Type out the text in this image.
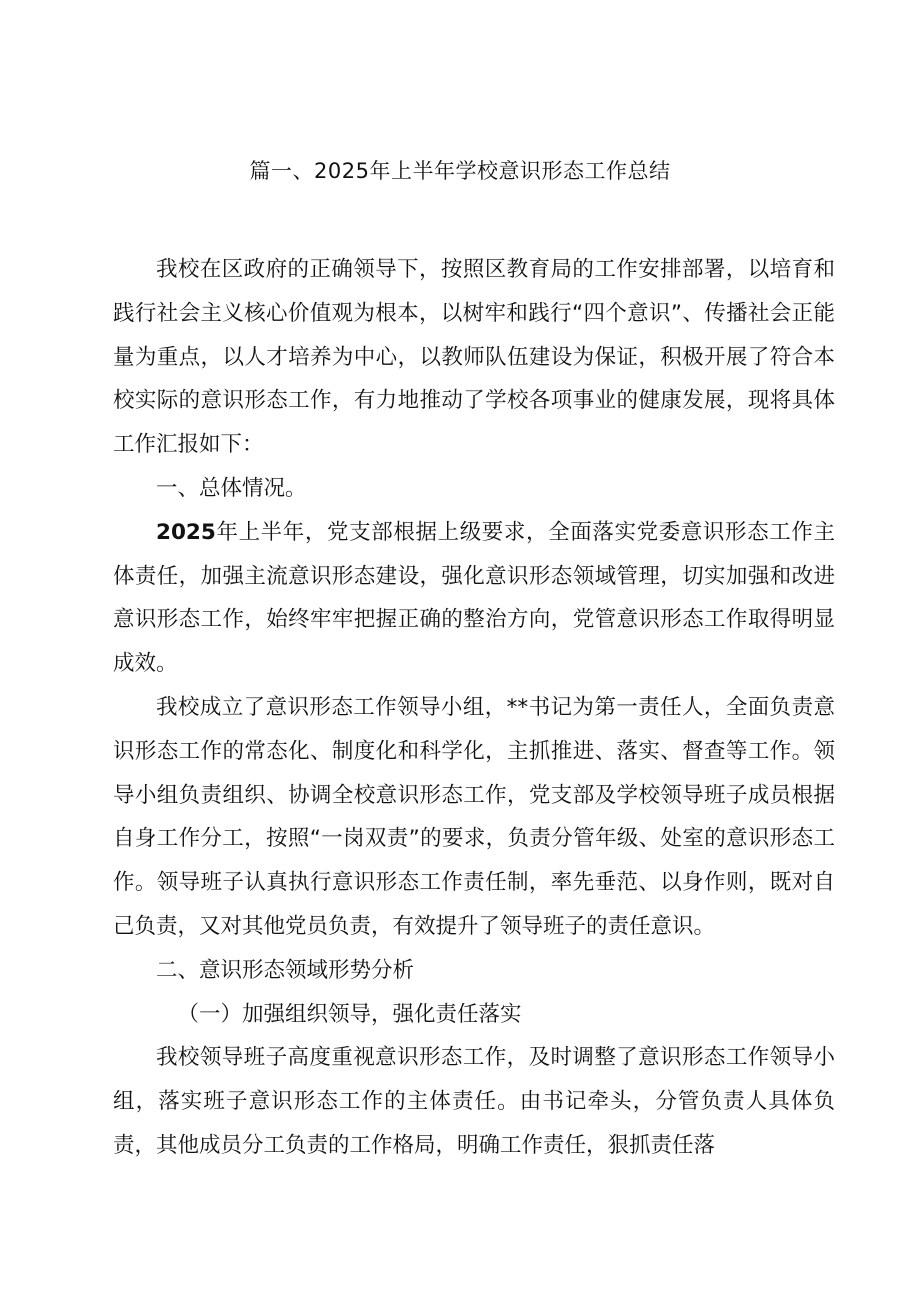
篇一、2025年上半年学校意识形态工作总结

我校在区政府的正确领导下，按照区教育局的工作安排部署，以培育和践行社会主义核心价值观为根本，以树牢和践行“四个意识”、传播社会正能量为重点，以人才培养为中心，以教师队伍建设为保证，积极开展了符合本校实际的意识形态工作，有力地推动了学校各项事业的健康发展，现将具体工作汇报如下：

一、总体情况。

2025年上半年，党支部根据上级要求，全面落实党委意识形态工作主体责任，加强主流意识形态建设，强化意识形态领域管理，切实加强和改进意识形态工作，始终牢牢把握正确的整治方向，党管意识形态工作取得明显成效。

我校成立了意识形态工作领导小组，**书记为第一责任人，全面负责意识形态工作的常态化、制度化和科学化，主抓推进、落实、督查等工作。领导小组负责组织、协调全校意识形态工作，党支部及学校领导班子成员根据自身工作分工，按照“一岗双责”的要求，负责分管年级、处室的意识形态工作。领导班子认真执行意识形态工作责任制，率先垂范、以身作则，既对自己负责，又对其他党员负责，有效提升了领导班子的责任意识。

二、意识形态领域形势分析

（一）加强组织领导，强化责任落实

我校领导班子高度重视意识形态工作，及时调整了意识形态工作领导小组，落实班子意识形态工作的主体责任。由书记牵头，分管负责人具体负责，其他成员分工负责的工作格局，明确工作责任，狠抓责任落
